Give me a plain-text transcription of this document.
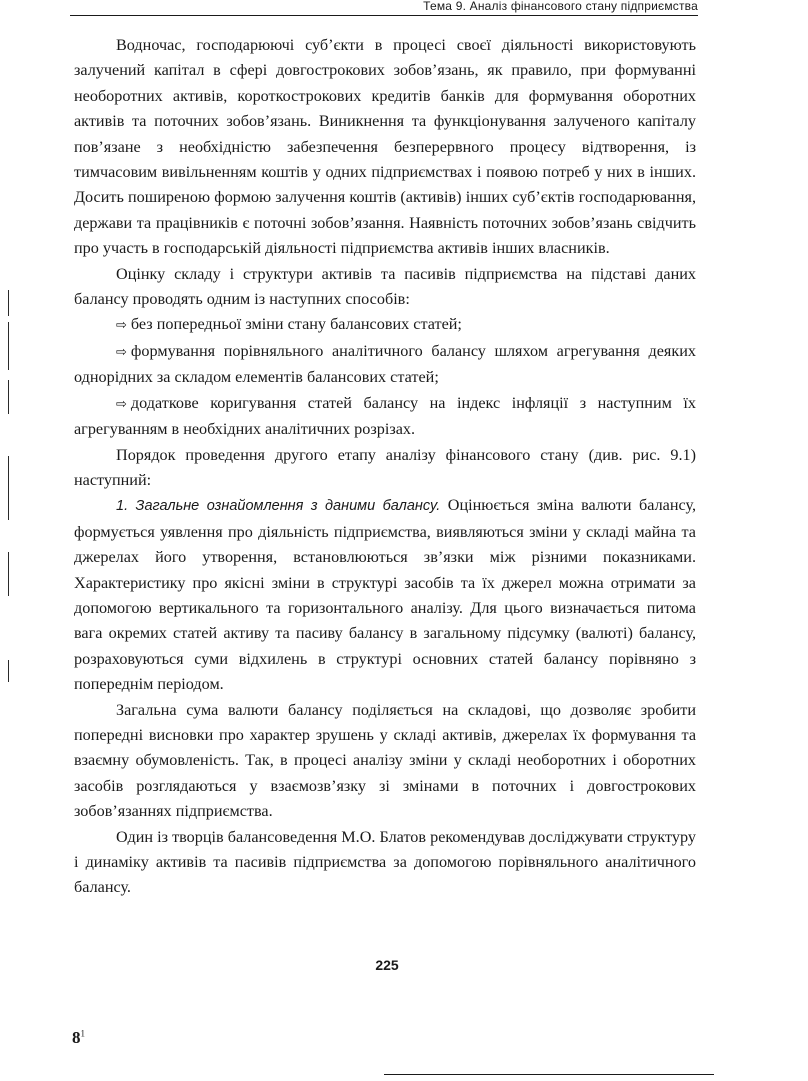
Тема 9. Аналіз фінансового стану підприємства

Водночас, господарюючі суб’єкти в процесі своєї діяльності використовують залучений капітал в сфері довгострокових зобов’язань, як правило, при формуванні необоротних активів, короткострокових кредитів банків для формування оборотних активів та поточних зобов’язань. Виникнення та функціонування залученого капіталу пов’язане з необхідністю забезпечення безперервного процесу відтворення, із тимчасовим вивільненням коштів у одних підприємствах і появою потреб у них в інших. Досить поширеною формою залучення коштів (активів) інших суб’єктів господарювання, держави та працівників є поточні зобов’язання. Наявність поточних зобов’язань свідчить про участь в господарській діяльності підприємства активів інших власників.

Оцінку складу і структури активів та пасивів підприємства на підставі даних балансу проводять одним із наступних способів:

⇨ без попередньої зміни стану балансових статей;

⇨ формування порівняльного аналітичного балансу шляхом агрегування деяких однорідних за складом елементів балансових статей;

⇨ додаткове коригування статей балансу на індекс інфляції з наступним їх агрегуванням в необхідних аналітичних розрізах.

Порядок проведення другого етапу аналізу фінансового стану (див. рис. 9.1) наступний:

1. Загальне ознайомлення з даними балансу. Оцінюється зміна валюти балансу, формується уявлення про діяльність підприємства, виявляються зміни у складі майна та джерелах його утворення, встановлюються зв’язки між різними показниками. Характеристику про якісні зміни в структурі засобів та їх джерел можна отримати за допомогою вертикального та горизонтального аналізу. Для цього визначається питома вага окремих статей активу та пасиву балансу в загальному підсумку (валюті) балансу, розраховуються суми відхилень в структурі основних статей балансу порівняно з попереднім періодом.

Загальна сума валюти балансу поділяється на складові, що дозволяє зробити попередні висновки про характер зрушень у складі активів, джерелах їх формування та взаємну обумовленість. Так, в процесі аналізу зміни у складі необоротних і оборотних засобів розглядаються у взаємозв’язку зі змінами в поточних і довгострокових зобов’язаннях підприємства.

Один із творців балансоведення М.О. Блатов рекомендував досліджувати структуру і динаміку активів та пасивів підприємства за допомогою порівняльного аналітичного балансу.

225
$8^1$
